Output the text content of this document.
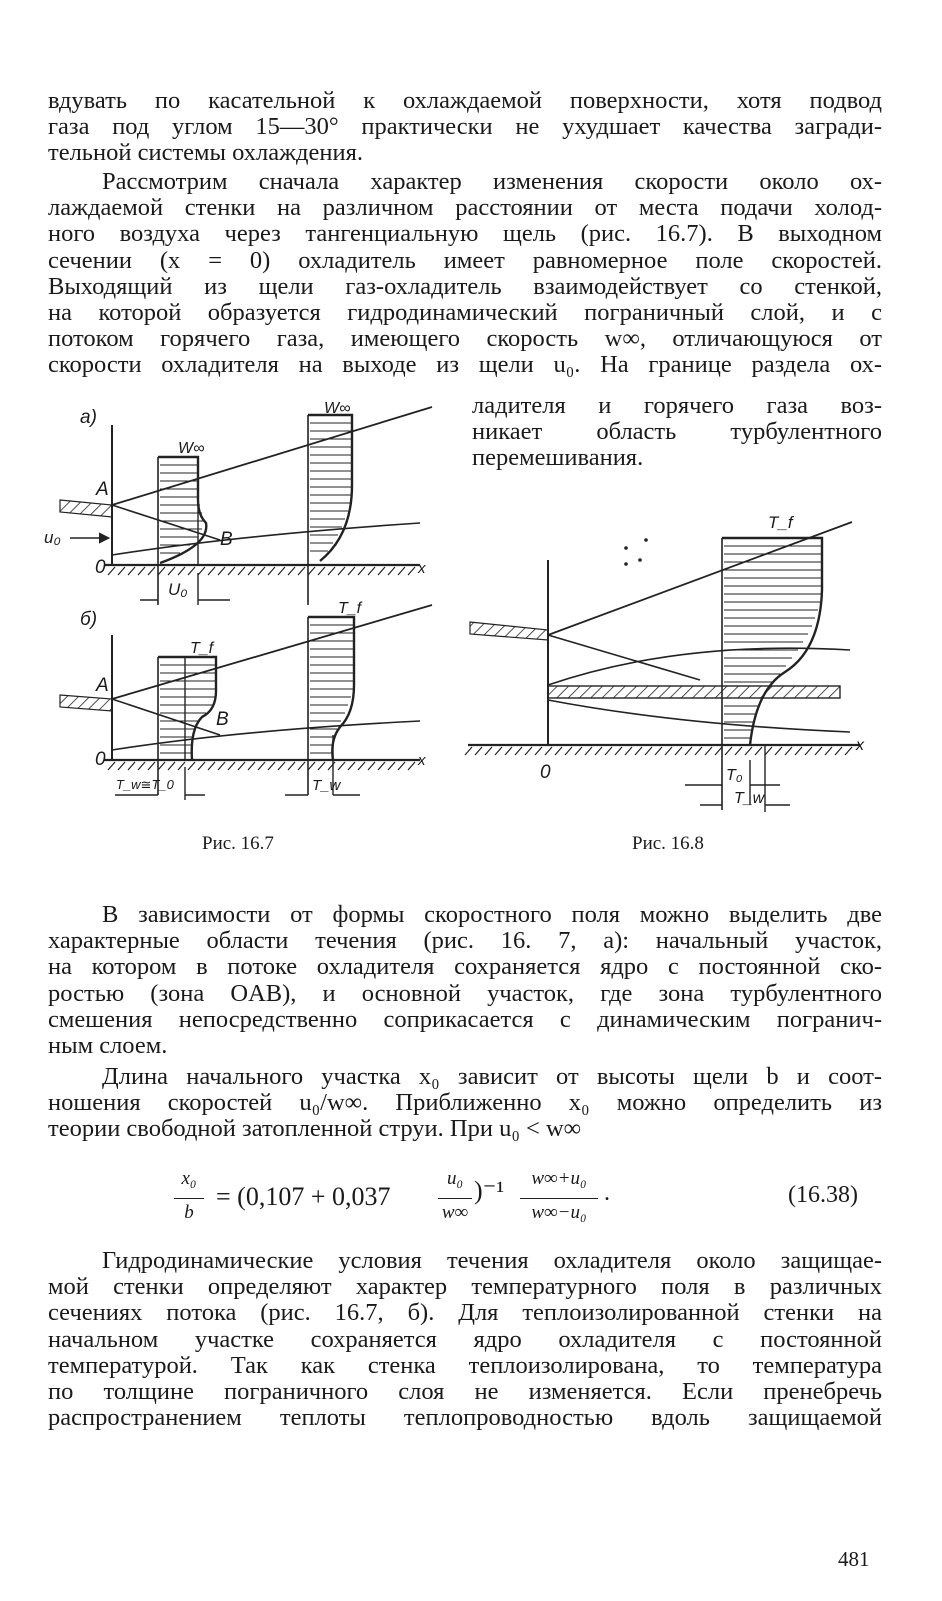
вдувать по касательной к охлаждаемой поверхности, хотя подвод
газа под углом 15—30° практически не ухудшает качества загради-
тельной системы охлаждения.
Рассмотрим сначала характер изменения скорости около ох-
лаждаемой стенки на различном расстоянии от места подачи холод-
ного воздуха через тангенциальную щель (рис. 16.7). В выходном
сечении (x = 0) охладитель имеет равномерное поле скоростей.
Выходящий из щели газ-охладитель взаимодействует со стенкой,
на которой образуется гидродинамический пограничный слой, и с
потоком горячего газа, имеющего скорость w∞, отличающуюся от
скорости охладителя на выходе из щели u₀. На границе раздела ох-
ладителя и горячего газа воз-
никает область турбулентного
перемешивания.
а)
A
B
0	x
W∞
W∞
u₀
U₀
б)
A
B
0	x
T_f
T_f
T_w≅T_0	T_w
Рис. 16.7
T_f
0
x
T₀
T_w
Рис. 16.8
В зависимости от формы скоростного поля можно выделить две
характерные области течения (рис. 16. 7, а): начальный участок,
на котором в потоке охладителя сохраняется ядро с постоянной ско-
ростью (зона OAB), и основной участок, где зона турбулентного
смешения непосредственно соприкасается с динамическим погранич-
ным слоем.
Длина начального участка x₀ зависит от высоты щели b и соот-
ношения скоростей u₀/w∞. Приближенно x₀ можно определить из
теории свободной затопленной струи. При u₀ < w∞
x₀
b
= (0,107 + 0,037
u₀
w∞
)⁻¹	w∞+u₀
w∞−u₀
.	(16.38)
Гидродинамические условия течения охладителя около защищае-
мой стенки определяют характер температурного поля в различных
сечениях потока (рис. 16.7, б). Для теплоизолированной стенки на
начальном участке сохраняется ядро охладителя с постоянной
температурой. Так как стенка теплоизолирована, то температура
по толщине пограничного слоя не изменяется. Если пренебречь
распространением теплоты теплопроводностью вдоль защищаемой
481
